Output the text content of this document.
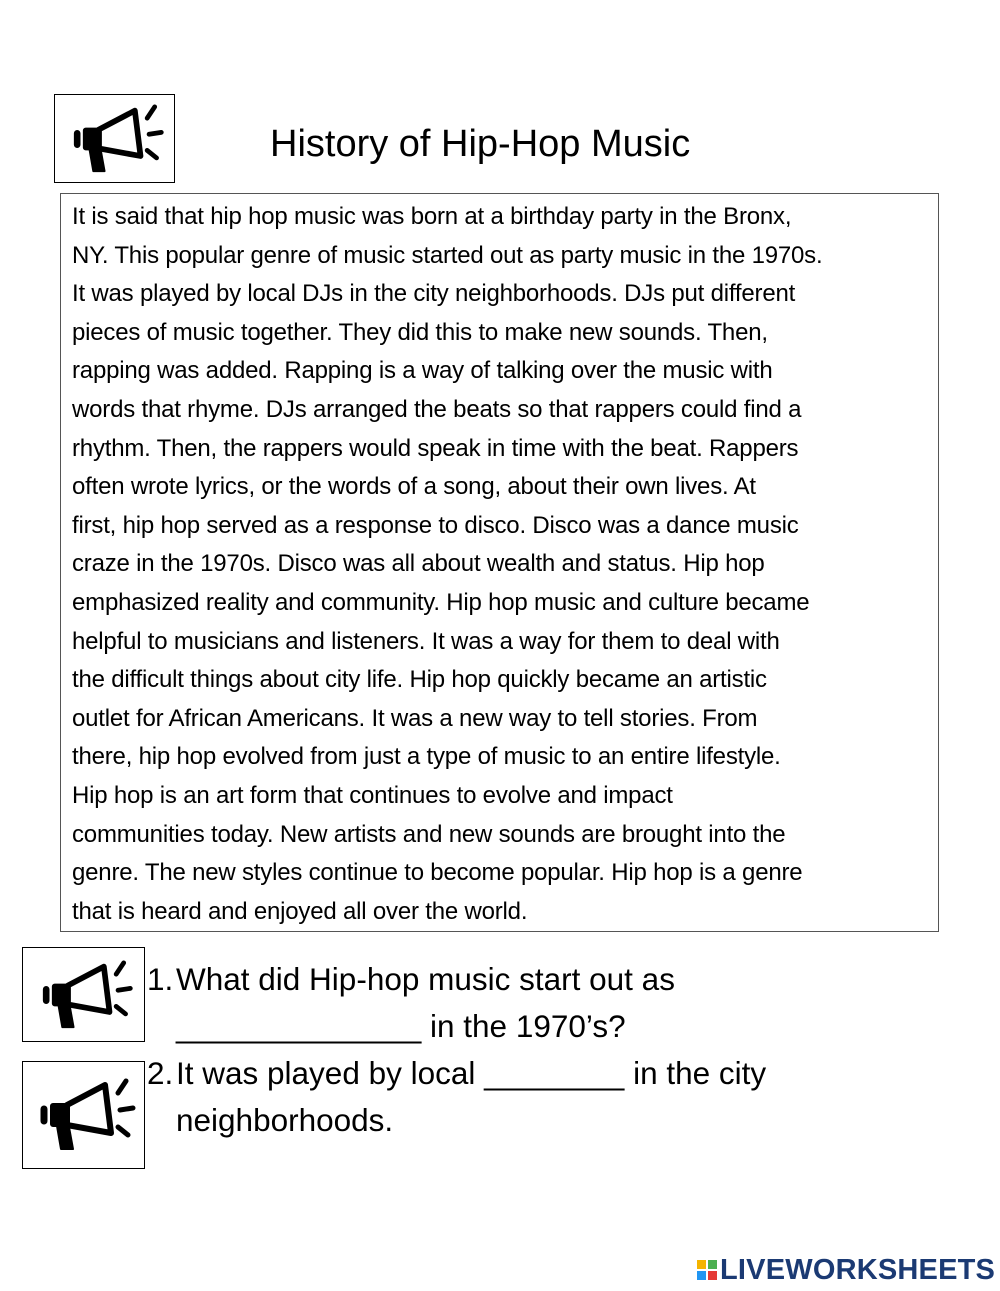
History of Hip-Hop Music
It is said that hip hop music was born at a birthday party in the Bronx,
NY. This popular genre of music started out as party music in the 1970s.
It was played by local DJs in the city neighborhoods. DJs put different
pieces of music together. They did this to make new sounds. Then,
rapping was added. Rapping is a way of talking over the music with
words that rhyme. DJs arranged the beats so that rappers could find a
rhythm. Then, the rappers would speak in time with the beat. Rappers
often wrote lyrics, or the words of a song, about their own lives. At
first, hip hop served as a response to disco. Disco was a dance music
craze in the 1970s. Disco was all about wealth and status. Hip hop
emphasized reality and community. Hip hop music and culture became
helpful to musicians and listeners. It was a way for them to deal with
the difficult things about city life. Hip hop quickly became an artistic
outlet for African Americans. It was a new way to tell stories. From
there, hip hop evolved from just a type of music to an entire lifestyle.
Hip hop is an art form that continues to evolve and impact
communities today. New artists and new sounds are brought into the
genre. The new styles continue to become popular. Hip hop is a genre
that is heard and enjoyed all over the world.
1. What did Hip-hop music start out as
______________
in the 1970’s?
2. It was played by local ________
in the city
neighborhoods.
LIVEWORKSHEETS
